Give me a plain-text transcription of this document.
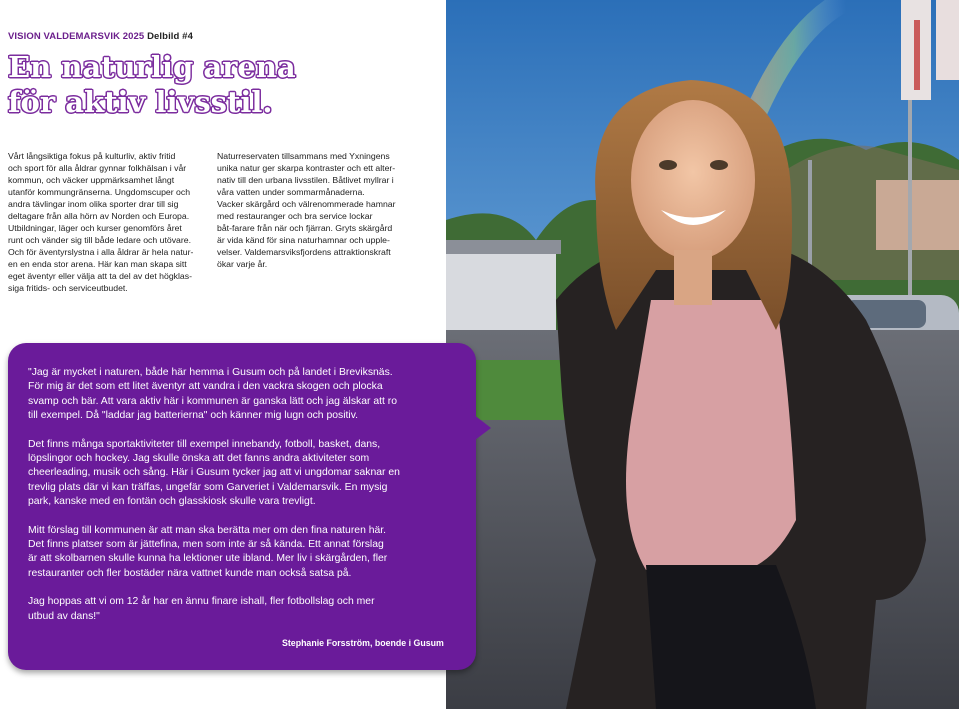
VISION VALDEMARSVIK 2025 Delbild #4
En naturlig arena
för aktiv livsstil.
Vårt långsiktiga fokus på kulturliv, aktiv fritid
och sport för alla åldrar gynnar folkhälsan i vår
kommun, och väcker uppmärksamhet långt
utanför kommungränserna. Ungdomscuper och
andra tävlingar inom olika sporter drar till sig
deltagare från alla hörn av Norden och Europa.
Utbildningar, läger och kurser genomförs året
runt och vänder sig till både ledare och utövare.
Och för äventyrslystna i alla åldrar är hela natur-
en en enda stor arena. Här kan man skapa sitt
eget äventyr eller välja att ta del av det högklas-
siga fritids- och serviceutbudet.
Naturreservaten tillsammans med Yxningens
unika natur ger skarpa kontraster och ett alter-
nativ till den urbana livsstilen. Båtlivet myllrar i
våra vatten under sommarmånaderna.
Vacker skärgård och välrenommerade hamnar
med restauranger och bra service lockar
båt-farare från när och fjärran. Gryts skärgård
är vida känd för sina naturhamnar och upple-
velser. Valdemarsviksfjordens attraktionskraft
ökar varje år.

"Jag är mycket i naturen, både här hemma i Gusum och på landet i Breviksnäs.
För mig är det som ett litet äventyr att vandra i den vackra skogen och plocka
svamp och bär. Att vara aktiv här i kommunen är ganska lätt och jag älskar att ro
till exempel. Då "laddar jag batterierna" och känner mig lugn och positiv.

Det finns många sportaktiviteter till exempel innebandy, fotboll, basket, dans,
löpslingor och hockey. Jag skulle önska att det fanns andra aktiviteter som
cheerleading, musik och sång. Här i Gusum tycker jag att vi ungdomar saknar en
trevlig plats där vi kan träffas, ungefär som Garveriet i Valdemarsvik. En mysig
park, kanske med en fontän och glasskiosk skulle vara trevligt.

Mitt förslag till kommunen är att man ska berätta mer om den fina naturen här.
Det finns platser som är jättefina, men som inte är så kända. Ett annat förslag
är att skolbarnen skulle kunna ha lektioner ute ibland. Mer liv i skärgården, fler
restauranter och fler bostäder nära vattnet kunde man också satsa på.

Jag hoppas att vi om 12 år har en ännu finare ishall, fler fotbollslag och mer
utbud av dans!"

Stephanie Forsström, boende i Gusum
